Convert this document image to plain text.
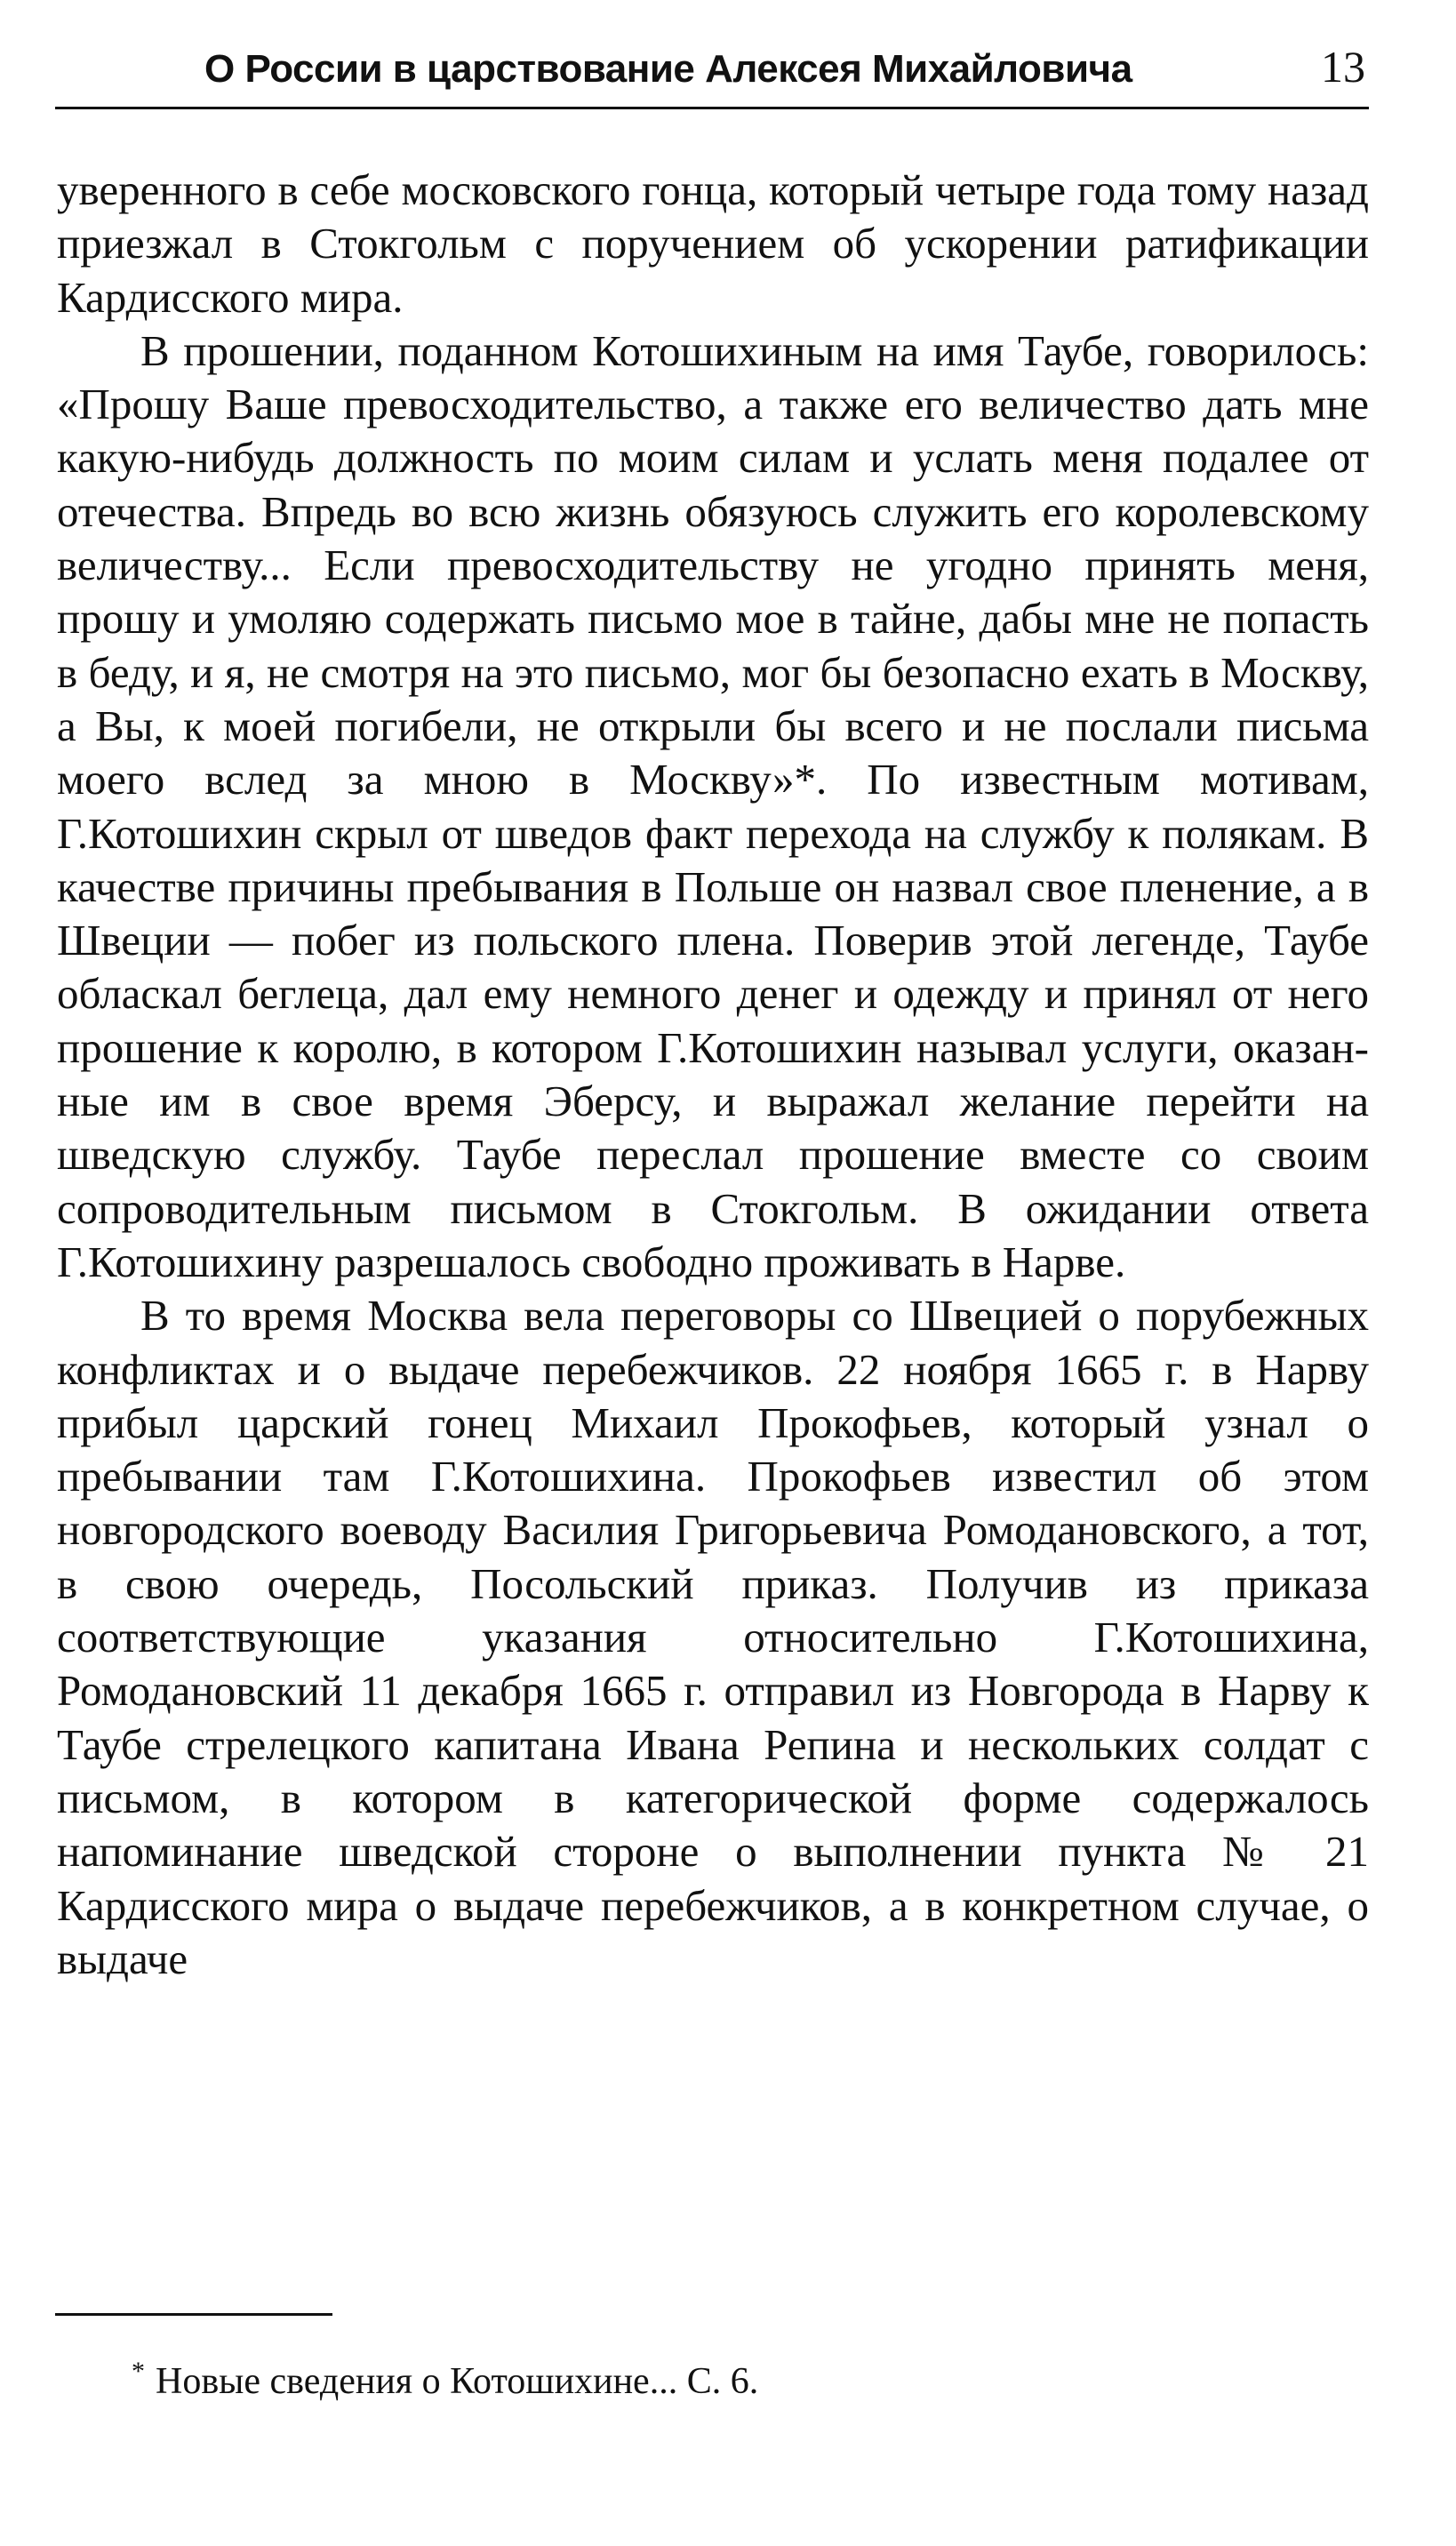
О России в царствование Алексея Михайловича	13

уверенного в себе московского гонца, который четыре года тому назад приезжал в Стокгольм с поручением об ускорении ратификации Кардисского мира.

В прошении, поданном Котошихиным на имя Таубе, говорилось: «Прошу Ваше превосходительство, а также его величество дать мне какую-нибудь должность по моим силам и услать меня подалее от отечества. Впредь во всю жизнь обязуюсь служить его королевскому величеству... Если превосходительству не угодно принять меня, прошу и умоляю содержать письмо мое в тайне, дабы мне не попасть в беду, и я, не смотря на это письмо, мог бы безопасно ехать в Москву, а Вы, к моей погибели, не открыли бы всего и не послали письма моего вслед за мною в Москву»*. По известным мотивам, Г.Котошихин скрыл от шведов факт перехода на службу к полякам. В качестве причины пребывания в Польше он назвал свое пленение, а в Швеции — побег из польского плена. Поверив этой легенде, Таубе обласкал беглеца, дал ему немного денег и одежду и принял от него прошение к королю, в котором Г.Котошихин называл услуги, оказанные им в свое время Эберсу, и выражал желание перейти на шведскую службу. Таубе переслал прошение вместе со своим сопроводительным письмом в Стокгольм. В ожидании ответа Г.Котошихину разрешалось свободно проживать в Нарве.

В то время Москва вела переговоры со Швецией о порубежных конфликтах и о выдаче перебежчиков. 22 ноября 1665 г. в Нарву прибыл царский гонец Михаил Прокофьев, который узнал о пребывании там Г.Котошихина. Прокофьев известил об этом новгородского воеводу Василия Григорьевича Ромодановского, а тот, в свою очередь, Посольский приказ. Получив из приказа соответствующие указания относительно Г.Котошихина, Ромодановский 11 декабря 1665 г. отправил из Новгорода в Нарву к Таубе стрелецкого капитана Ивана Репина и нескольких солдат с письмом, в котором в категорической форме содержалось напоминание шведской стороне о выполнении пункта № 21 Кардисского мира о выдаче перебежчиков, а в конкретном случае, о выдаче

* Новые сведения о Котошихине... С. 6.
